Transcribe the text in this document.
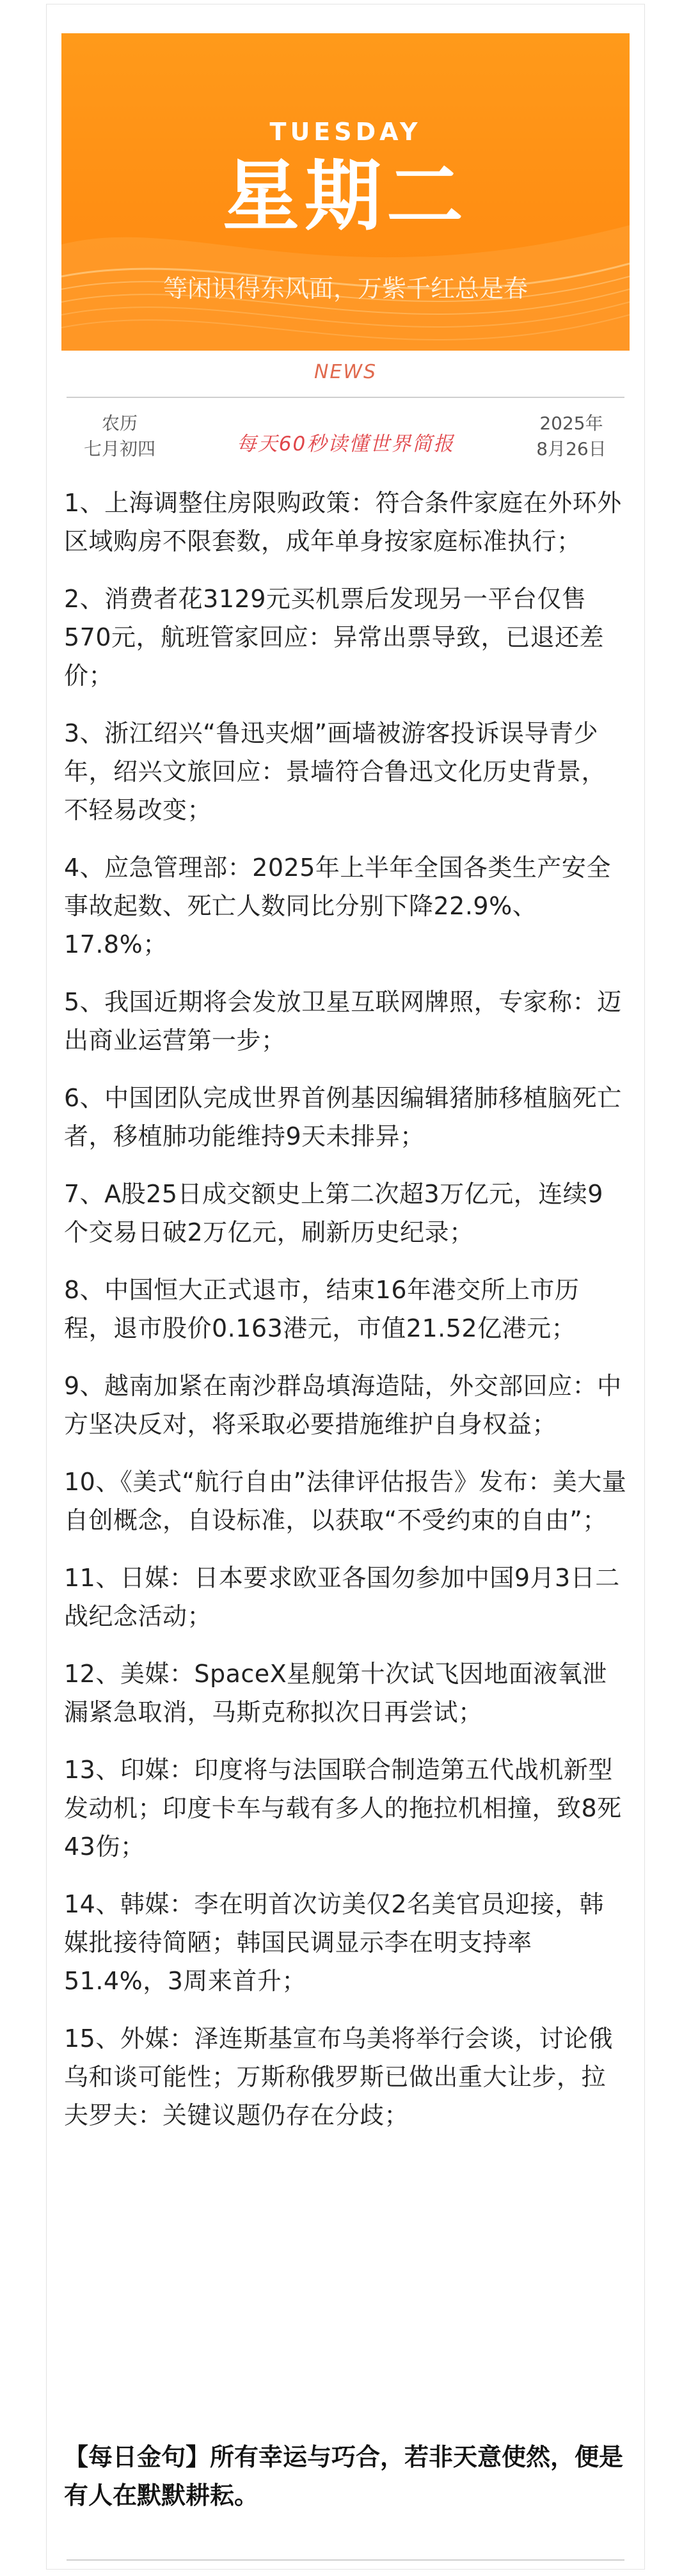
TUESDAY
星期二
等闲识得东风面，万紫千红总是春
NEWS
农历
七月初四	每天60秒读懂世界简报
2025年
8月26日
1、上海调整住房限购政策：符合条件家庭在外环外区域购房不限套数，成年单身按家庭标准执行；
2、消费者花3129元买机票后发现另一平台仅售570元，航班管家回应：异常出票导致，已退还差价；
3、浙江绍兴“鲁迅夹烟”画墙被游客投诉误导青少年，绍兴文旅回应：景墙符合鲁迅文化历史背景，不轻易改变；
4、应急管理部：2025年上半年全国各类生产安全事故起数、死亡人数同比分别下降22.9%、17.8%；
5、我国近期将会发放卫星互联网牌照，专家称：迈出商业运营第一步；
6、中国团队完成世界首例基因编辑猪肺移植脑死亡者，移植肺功能维持9天未排异；
7、A股25日成交额史上第二次超3万亿元，连续9个交易日破2万亿元，刷新历史纪录；
8、中国恒大正式退市，结束16年港交所上市历程，退市股价0.163港元，市值21.52亿港元；
9、越南加紧在南沙群岛填海造陆，外交部回应：中方坚决反对，将采取必要措施维护自身权益；
10、《美式“航行自由”法律评估报告》发布：美大量自创概念，自设标准，以获取“不受约束的自由”；
11、日媒：日本要求欧亚各国勿参加中国9月3日二战纪念活动；
12、美媒：SpaceX星舰第十次试飞因地面液氧泄漏紧急取消，马斯克称拟次日再尝试；
13、印媒：印度将与法国联合制造第五代战机新型发动机；印度卡车与载有多人的拖拉机相撞，致8死43伤；
14、韩媒：李在明首次访美仅2名美官员迎接，韩媒批接待简陋；韩国民调显示李在明支持率51.4%，3周来首升；
15、外媒：泽连斯基宣布乌美将举行会谈，讨论俄乌和谈可能性；万斯称俄罗斯已做出重大让步，拉夫罗夫：关键议题仍存在分歧；
【每日金句】所有幸运与巧合，若非天意使然，便是有人在默默耕耘。
